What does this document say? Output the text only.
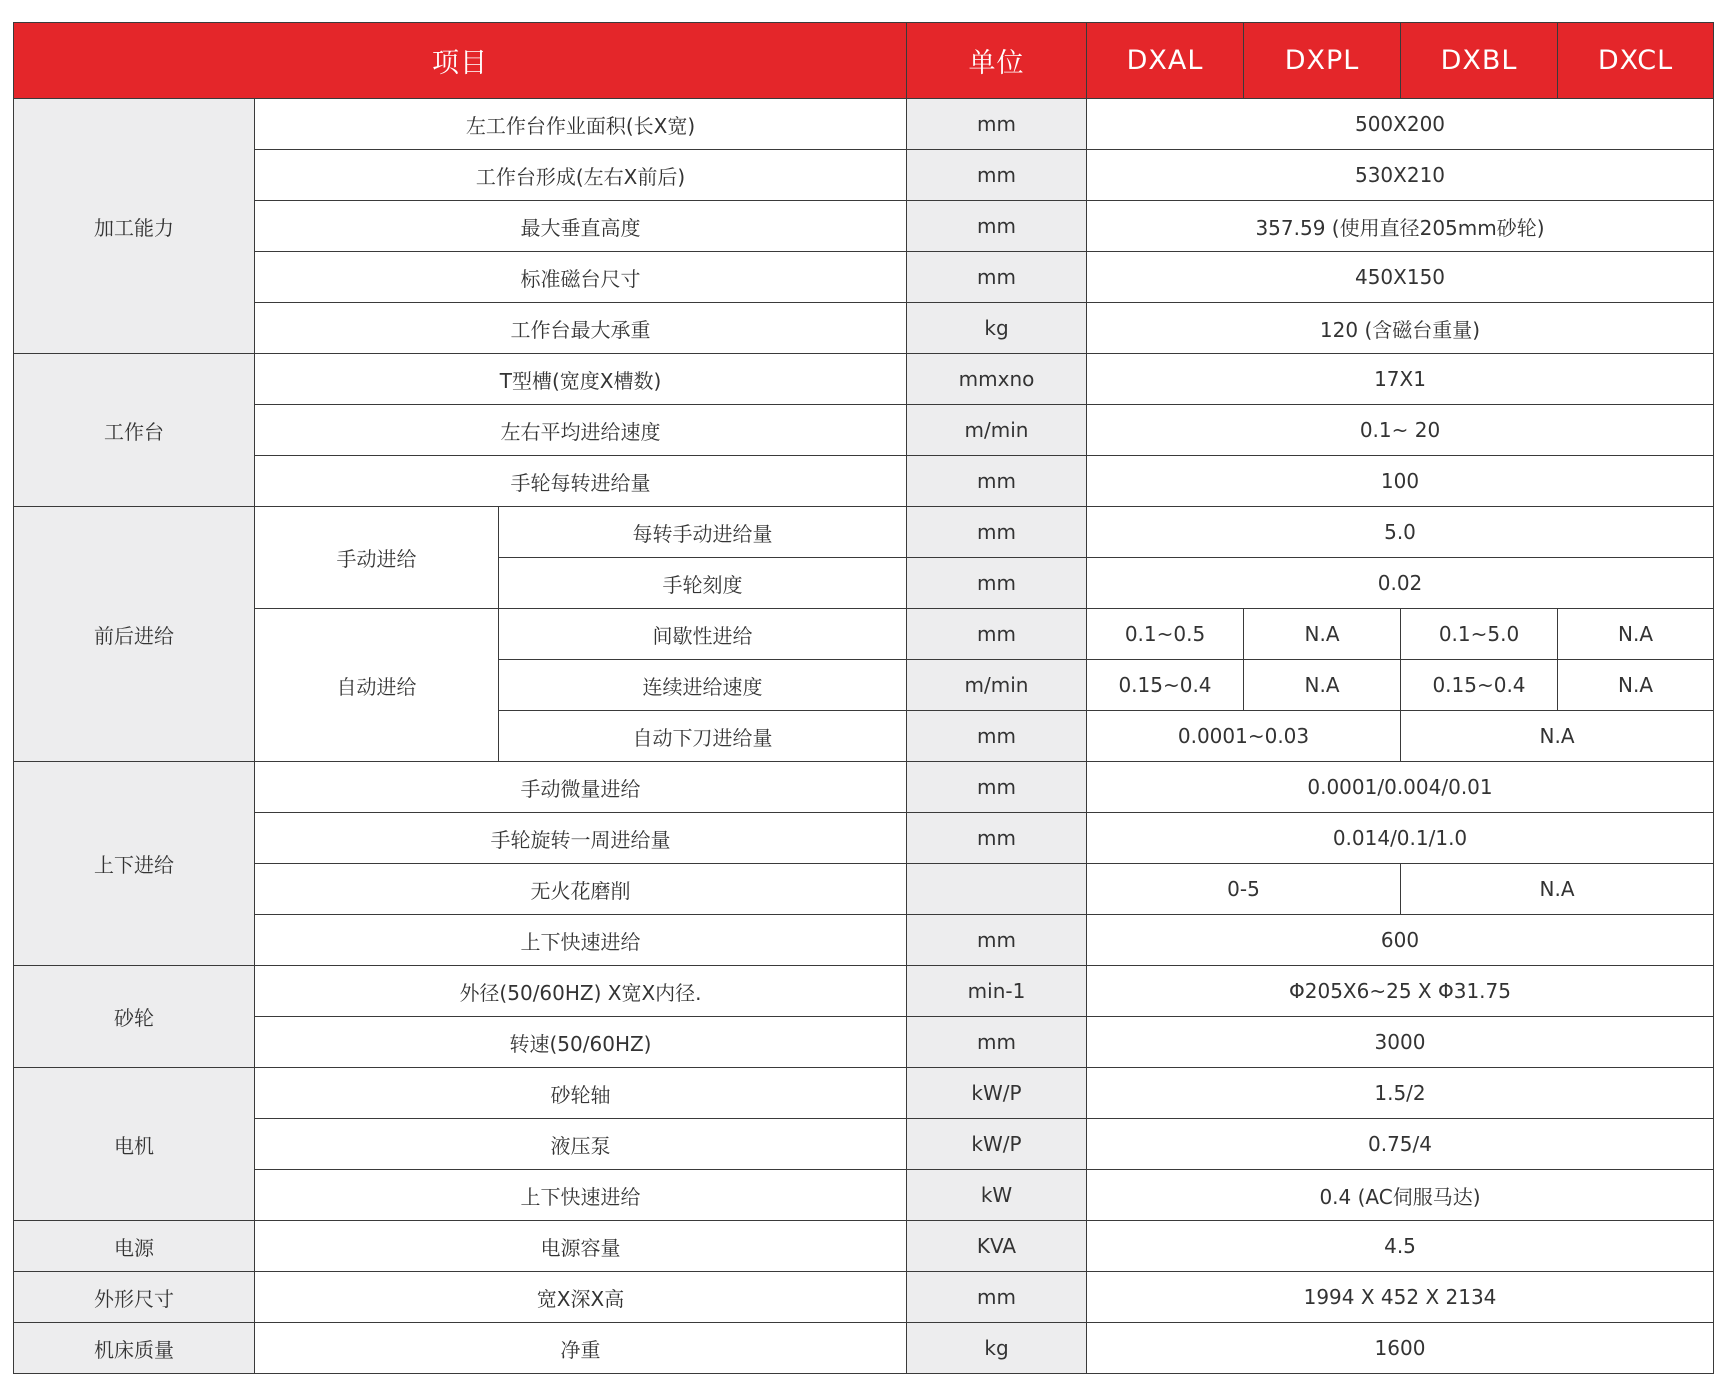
项目			单位	DXAL	DXPL	DXBL	DXCL
加工能力	左工作台作业面积(长X宽)		mm	500X200			
	工作台形成(左右X前后)		mm	530X210			
	最大垂直高度		mm	357.59 (使用直径205mm砂轮)			
	标准磁台尺寸		mm	450X150			
	工作台最大承重		kg	120 (含磁台重量)			
工作台	T型槽(宽度X槽数)		mmxno	17X1			
	左右平均进给速度		m/min	0.1~ 20			
	手轮每转进给量		mm	100			
前后进给	手动进给	每转手动进给量	mm	5.0			
		手轮刻度	mm	0.02			
	自动进给	间歇性进给	mm	0.1~0.5	N.A	0.1~5.0	N.A
		连续进给速度	m/min	0.15~0.4	N.A	0.15~0.4	N.A
		自动下刀进给量	mm	0.0001~0.03		N.A	
上下进给	手动微量进给		mm	0.0001/0.004/0.01			
	手轮旋转一周进给量		mm	0.014/0.1/1.0			
	无火花磨削			0-5		N.A	
	上下快速进给		mm	600			
砂轮	外径(50/60HZ) X宽X内径.		min-1	Φ205X6~25 X Φ31.75			
	转速(50/60HZ)		mm	3000			
电机	砂轮轴		kW/P	1.5/2			
	液压泵		kW/P	0.75/4			
	上下快速进给		kW	0.4 (AC伺服马达)			
电源	电源容量		KVA	4.5			
外形尺寸	宽X深X高		mm	1994 X 452 X 2134			
机床质量	净重		kg	1600			
